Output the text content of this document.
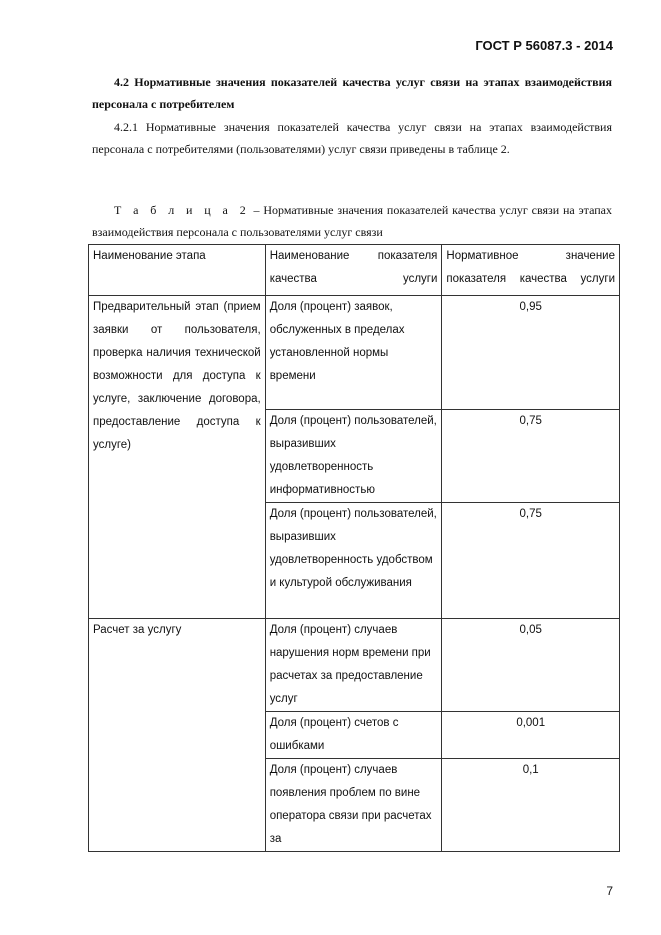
ГОСТ Р 56087.3 - 2014
4.2 Нормативные значения показателей качества услуг связи на этапах взаимодействия персонала с потребителем
4.2.1 Нормативные значения показателей качества услуг связи на этапах взаимодействия персонала с потребителями (пользователями) услуг связи приведены в таблице 2.
Т а б л и ц а 2 – Нормативные значения показателей качества услуг связи на этапах взаимодействия персонала с пользователями услуг связи
Наименование этапа	Наименование показателя качества услуги	Нормативное значение показателя качества услуги
Предварительный этап (прием заявки от пользователя, проверка наличия технической возможности для доступа к услуге, заключение договора, предоставление доступа к услуге)	Доля (процент) заявок, обслуженных в пределах установленной нормы времени	0,95
	Доля (процент) пользователей, выразивших удовлетворенность информативностью	0,75
	Доля (процент) пользователей, выразивших удовлетворенность удобством и культурой обслуживания	0,75
Расчет за услугу	Доля (процент) случаев нарушения норм времени при расчетах за предоставление услуг	0,05
	Доля (процент) счетов с ошибками	0,001
	Доля (процент) случаев появления проблем по вине оператора связи при расчетах за	0,1
7
